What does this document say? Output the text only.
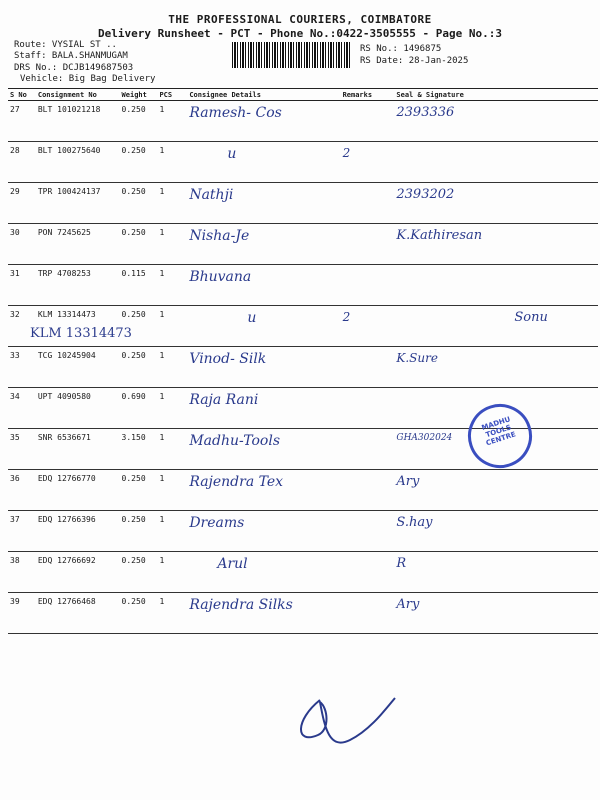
THE PROFESSIONAL COURIERS, COIMBATORE
Delivery Runsheet - PCT - Phone No.:0422-3505555 - Page No.:3
Route: VYSIAL ST ..
Staff: BALA.SHANMUGAM
DRS No.: DCJB149687503
Vehicle: Big Bag Delivery
RS No.: 1496875
RS Date: 28-Jan-2025
S No	Consignment No	Weight	PCS	Consignee Details	Remarks	Seal & Signature
27	BLT 101021218	0.250	1	Ramesh- Cos		2393336
28	BLT 100275640	0.250	1	u	2	
29	TPR 100424137	0.250	1	Nathji		2393202
30	PON 7245625	0.250	1	Nisha-Je		K.Kathiresan
31	TRP 4708253	0.115	1	Bhuvana		
32	KLM 13314473	0.250	1	u	2	Sonu
33	TCG 10245904	0.250	1	Vinod- Silk		K.Sure
34	UPT 4090580	0.690	1	Raja Rani		
35	SNR 6536671	3.150	1	Madhu-Tools		GHA302024
36	EDQ 12766770	0.250	1	Rajendra Tex		Ary
37	EDQ 12766396	0.250	1	Dreams		S.hay
38	EDQ 12766692	0.250	1	Arul		R
39	EDQ 12766468	0.250	1	Rajendra Silks		Ary
KLM 13314473
MADHU TOOLS CENTRE
